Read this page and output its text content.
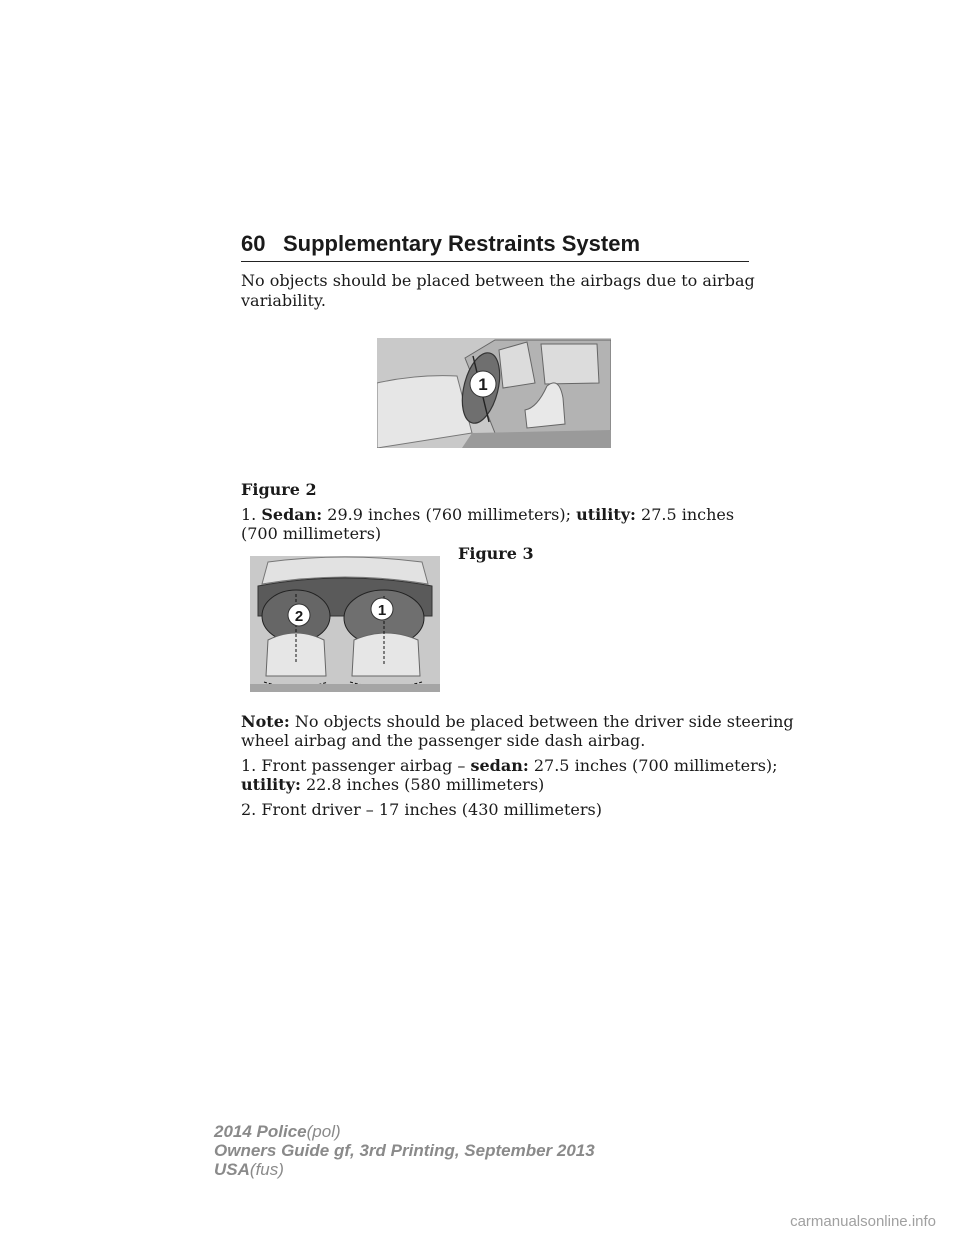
60 Supplementary Restraints System
No objects should be placed between the airbags due to airbag
variability.
1
Figure 2
1. Sedan: 29.9 inches (760 millimeters); utility: 27.5 inches
(700 millimeters)
Figure 3
2	1
Note: No objects should be placed between the driver side steering
wheel airbag and the passenger side dash airbag.
1. Front passenger airbag – sedan: 27.5 inches (700 millimeters);
utility: 22.8 inches (580 millimeters)
2. Front driver – 17 inches (430 millimeters)
2014 Police(pol)
Owners Guide gf, 3rd Printing, September 2013
USA(fus)
carmanualsonline.info
